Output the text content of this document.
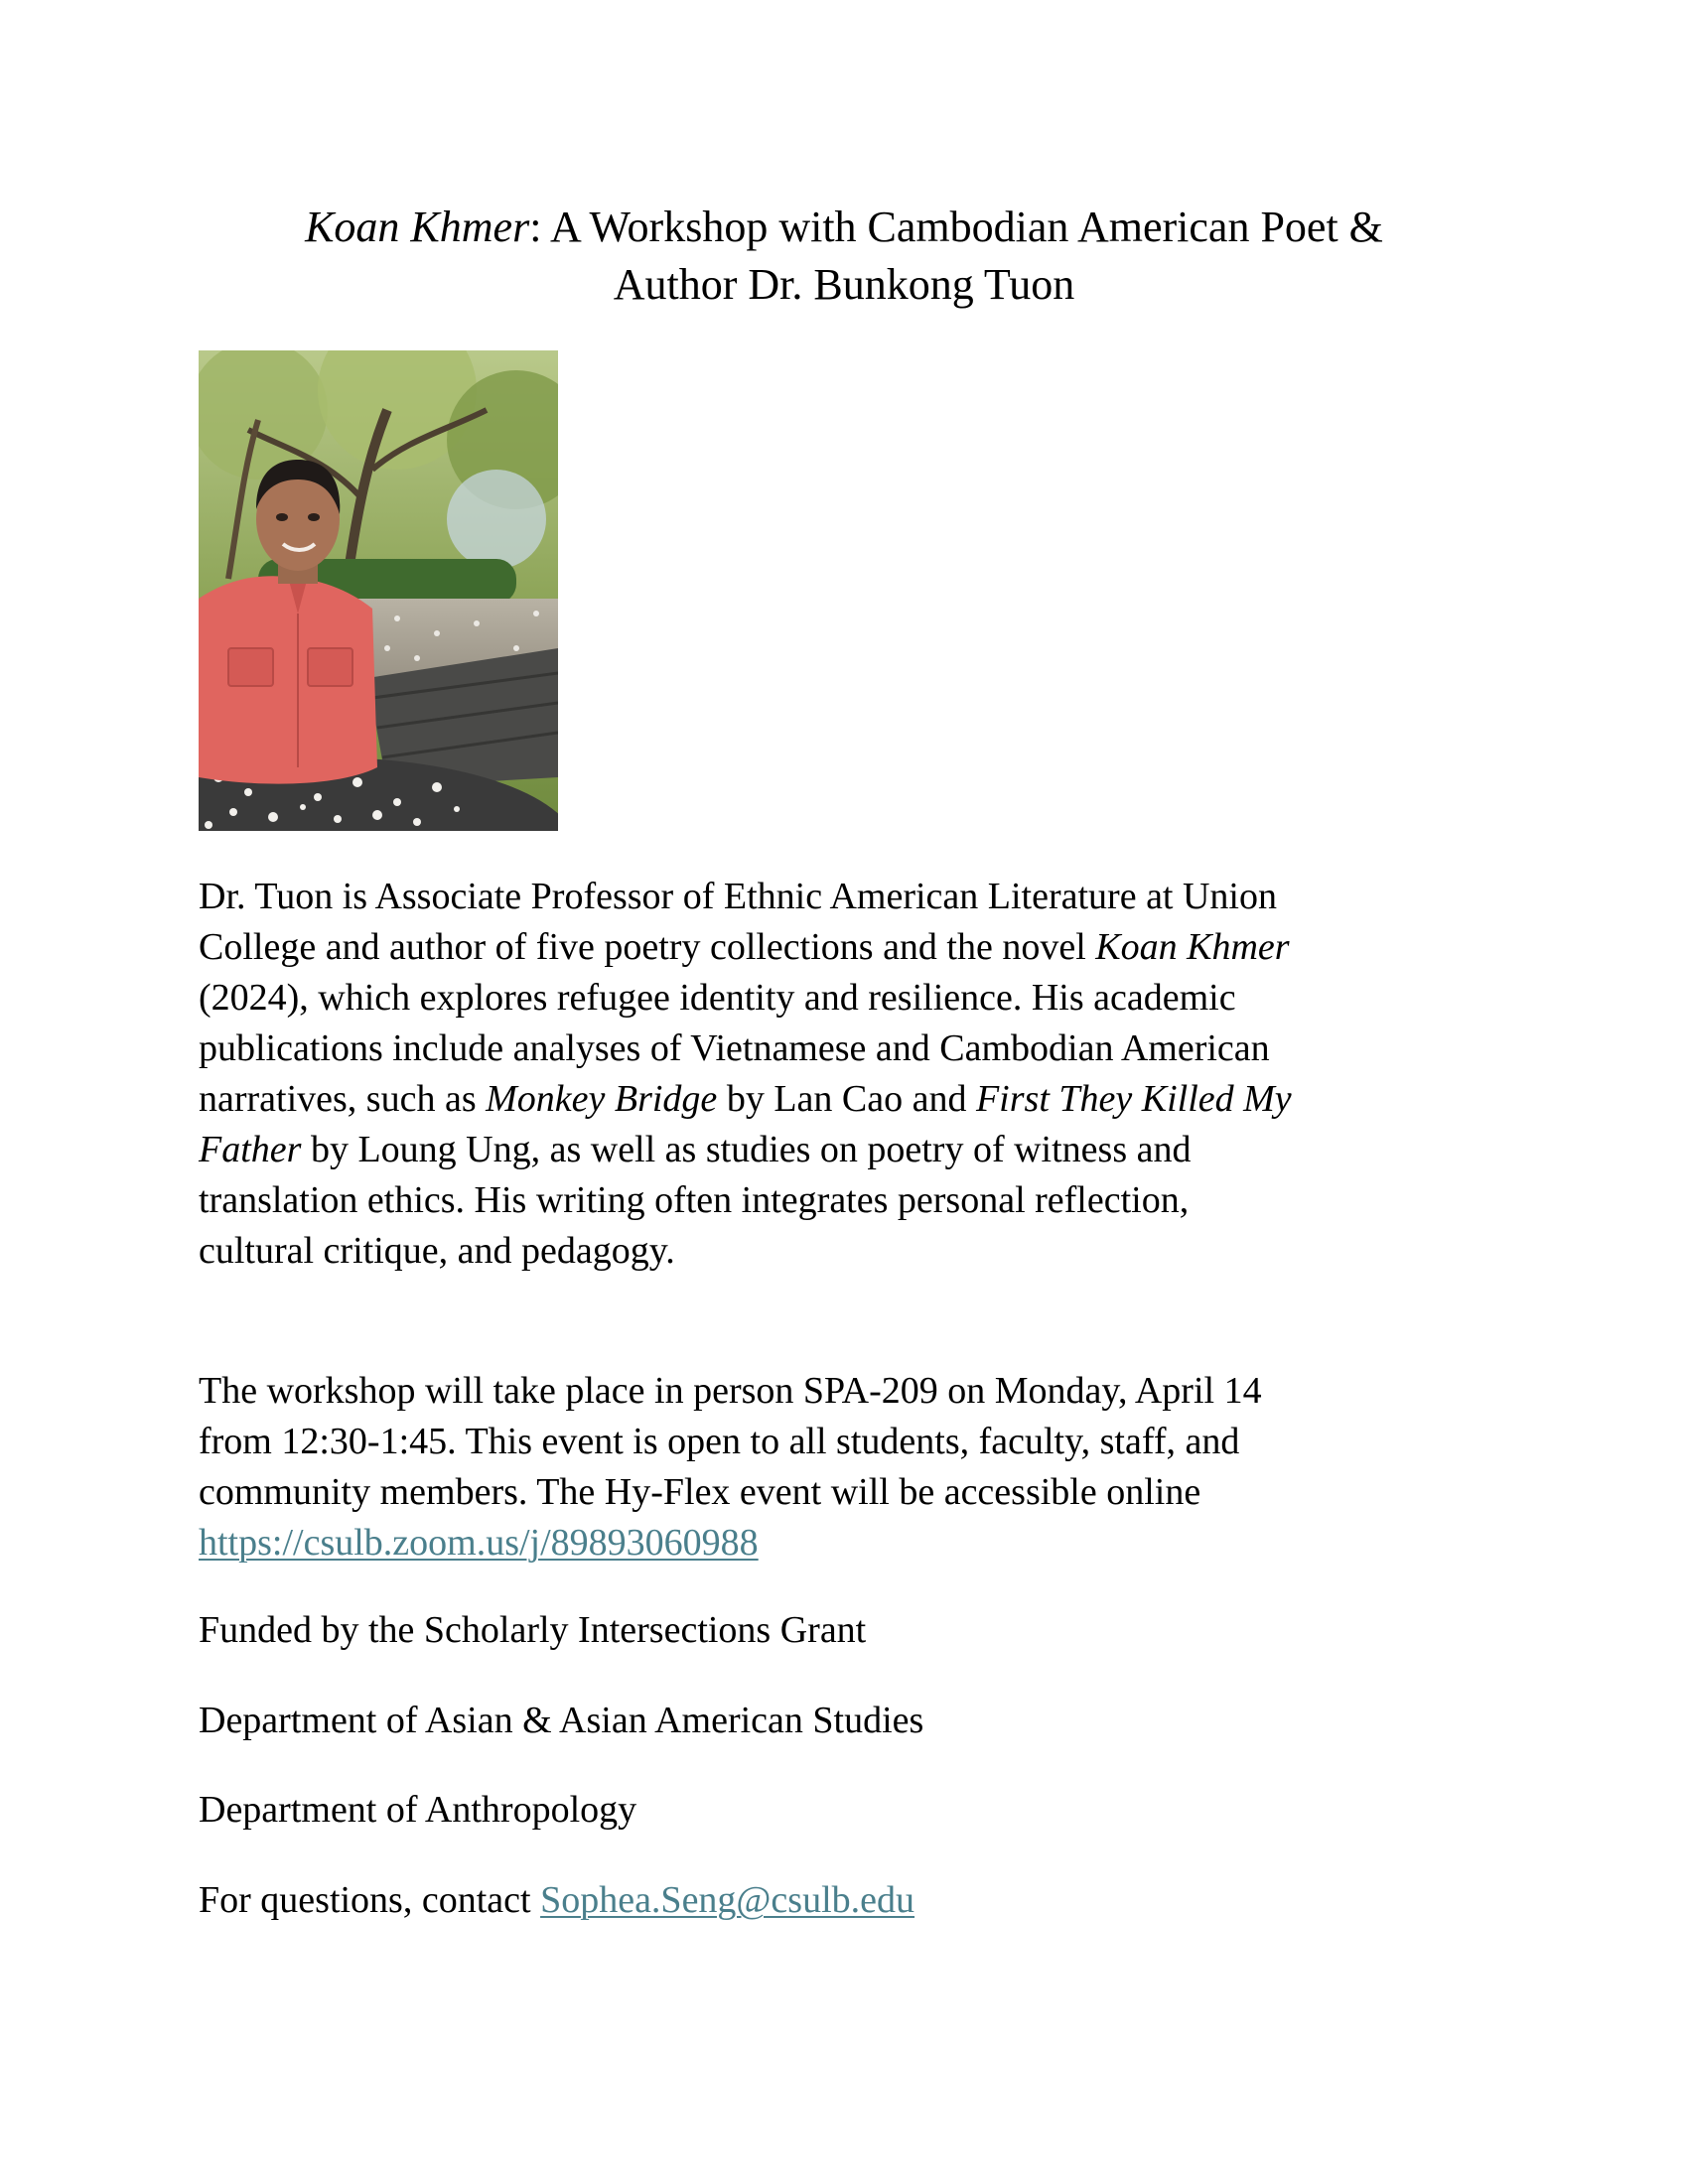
Koan Khmer: A Workshop with Cambodian American Poet &
Author Dr. Bunkong Tuon

Dr. Tuon is Associate Professor of Ethnic American Literature at Union
College and author of five poetry collections and the novel Koan Khmer
(2024), which explores refugee identity and resilience. His academic
publications include analyses of Vietnamese and Cambodian American
narratives, such as Monkey Bridge by Lan Cao and First They Killed My
Father by Loung Ung, as well as studies on poetry of witness and
translation ethics. His writing often integrates personal reflection,
cultural critique, and pedagogy.

The workshop will take place in person SPA-209 on Monday, April 14
from 12:30-1:45. This event is open to all students, faculty, staff, and
community members. The Hy-Flex event will be accessible online
https://csulb.zoom.us/j/89893060988

Funded by the Scholarly Intersections Grant

Department of Asian & Asian American Studies

Department of Anthropology

For questions, contact Sophea.Seng@csulb.edu
